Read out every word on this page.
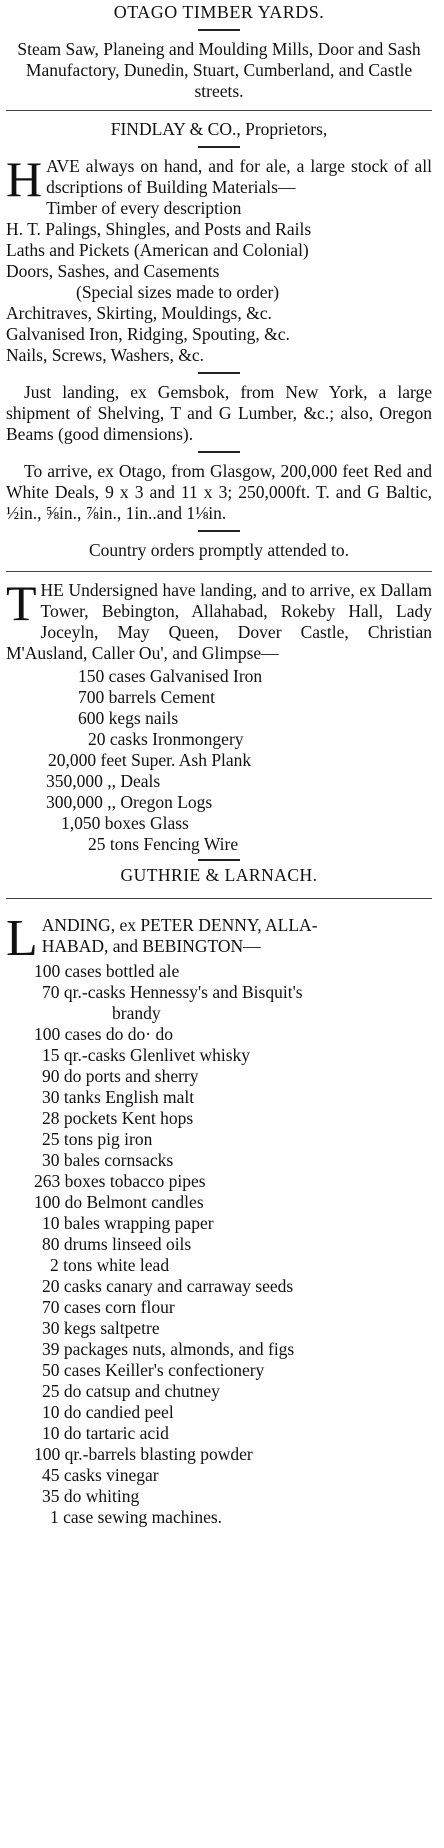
OTAGO TIMBER YARDS.

Steam Saw, Planeing and Moulding Mills, Door and Sash Manufactory, Dunedin, Stuart, Cumberland, and Castle streets.

FINDLAY & CO., Proprietors,

HAVE always on hand, and for ale, a large stock of all dscriptions of Building Materials—

Timber of every description
H. T. Palings, Shingles, and Posts and Rails
Laths and Pickets (American and Colonial)
Doors, Sashes, and Casements
(Special sizes made to order)
Architraves, Skirting, Mouldings, &c.
Galvanised Iron, Ridging, Spouting, &c.
Nails, Screws, Washers, &c.

Just landing, ex Gemsbok, from New York, a large shipment of Shelving, T and G Lumber, &c.; also, Oregon Beams (good dimensions).

To arrive, ex Otago, from Glasgow, 200,000 feet Red and White Deals, 9 x 3 and 11 x 3; 250,000ft. T. and G Baltic, ½in., ⅝in., ⅞in., 1in..and 1⅛in.

Country orders promptly attended to.

THE Undersigned have landing, and to arrive, ex Dallam Tower, Bebington, Allahabad, Rokeby Hall, Lady Joceyln, May Queen, Dover Castle, Christian M'Ausland, Caller Ou', and Glimpse—

150 cases Galvanised Iron
700 barrels Cement
600 kegs nails
20 casks Ironmongery
20,000 feet Super. Ash Plank
350,000 ,, Deals
300,000 ,, Oregon Logs
1,050 boxes Glass
25 tons Fencing Wire
GUTHRIE & LARNACH.
L ANDING, ex PETER DENNY, ALLA-
HABAD, and BEBINGTON—
100 cases bottled ale
70 qr.-casks Hennessy's and Bisquit's
brandy
100 cases do do· do
15 qr.-casks Glenlivet whisky
90 do ports and sherry
30 tanks English malt
28 pockets Kent hops
25 tons pig iron
30 bales cornsacks
263 boxes tobacco pipes
100 do Belmont candles
10 bales wrapping paper
80 drums linseed oils
2 tons white lead
20 casks canary and carraway seeds
70 cases corn flour
30 kegs saltpetre
39 packages nuts, almonds, and figs
50 cases Keiller's confectionery
25 do catsup and chutney
10 do candied peel
10 do tartaric acid
100 qr.-barrels blasting powder
45 casks vinegar
35 do whiting
1 case sewing machines.
